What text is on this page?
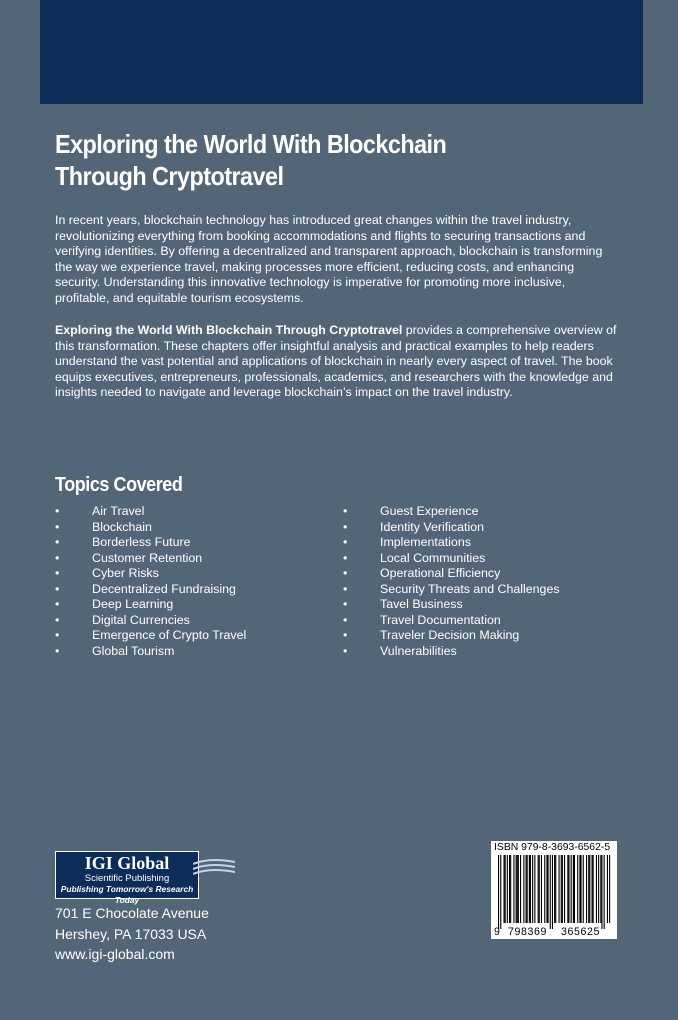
Exploring the World With Blockchain
Through Cryptotravel

In recent years, blockchain technology has introduced great changes within the travel industry, revolutionizing everything from booking accommodations and flights to securing transactions and verifying identities. By offering a decentralized and transparent approach, blockchain is transforming the way we experience travel, making processes more efficient, reducing costs, and enhancing security. Understanding this innovative technology is imperative for promoting more inclusive, profitable, and equitable tourism ecosystems.

Exploring the World With Blockchain Through Cryptotravel provides a comprehensive overview of this transformation. These chapters offer insightful analysis and practical examples to help readers understand the vast potential and applications of blockchain in nearly every aspect of travel. The book equips executives, entrepreneurs, professionals, academics, and researchers with the knowledge and insights needed to navigate and leverage blockchain’s impact on the travel industry.

Topics Covered
•	Air Travel
•	Blockchain
•	Borderless Future
•	Customer Retention
•	Cyber Risks
•	Decentralized Fundraising
•	Deep Learning
•	Digital Currencies
•	Emergence of Crypto Travel
•	Global Tourism
•	Guest Experience
•	Identity Verification
•	Implementations
•	Local Communities
•	Operational Efficiency
•	Security Threats and Challenges
•	Tavel Business
•	Travel Documentation
•	Traveler Decision Making
•	Vulnerabilities
IGI Global
Scientific Publishing
Publishing Tomorrow's Research Today
701 E Chocolate Avenue
Hershey, PA 17033 USA
www.igi-global.com
ISBN 979-8-3693-6562-5
9 798369 365625
